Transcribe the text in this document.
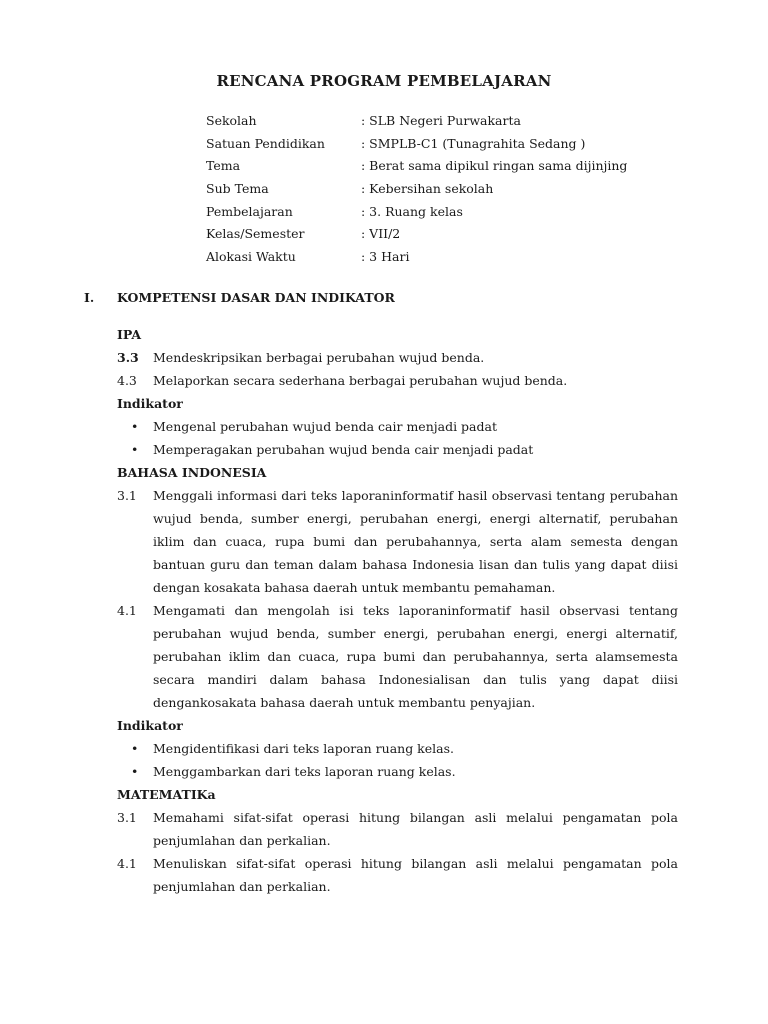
RENCANA PROGRAM PEMBELAJARAN
Sekolah	: SLB Negeri Purwakarta
Satuan Pendidikan	: SMPLB-C1 (Tunagrahita Sedang )
Tema	: Berat sama dipikul ringan sama dijinjing
Sub Tema	: Kebersihan sekolah
Pembelajaran	: 3. Ruang kelas
Kelas/Semester	: VII/2
Alokasi Waktu	: 3 Hari
I. KOMPETENSI DASAR DAN INDIKATOR
IPA
3.3	Mendeskripsikan berbagai perubahan wujud benda.
4.3	Melaporkan secara sederhana berbagai perubahan wujud benda.
Indikator
•	Mengenal perubahan wujud benda cair menjadi padat
•	Memperagakan perubahan wujud benda cair menjadi padat
BAHASA INDONESIA
3.1	Menggali informasi dari teks laporaninformatif hasil observasi tentang perubahan wujud benda, sumber energi, perubahan energi, energi alternatif, perubahan iklim dan cuaca, rupa bumi dan perubahannya, serta alam semesta dengan bantuan guru dan teman dalam bahasa Indonesia lisan dan tulis yang dapat diisi dengan kosakata bahasa daerah untuk membantu pemahaman.
4.1	Mengamati dan mengolah isi teks laporaninformatif hasil observasi tentang perubahan wujud benda, sumber energi, perubahan energi, energi alternatif, perubahan iklim dan cuaca, rupa bumi dan perubahannya, serta alamsemesta secara mandiri dalam bahasa Indonesialisan dan tulis yang dapat diisi dengankosakata bahasa daerah untuk membantu penyajian.
Indikator
•	Mengidentifikasi dari teks laporan ruang kelas.
•	Menggambarkan dari teks laporan ruang kelas.
MATEMATIKa
3.1	Memahami sifat-sifat operasi hitung bilangan asli melalui pengamatan pola penjumlahan dan perkalian.
4.1	Menuliskan sifat-sifat operasi hitung bilangan asli melalui pengamatan pola penjumlahan dan perkalian.
